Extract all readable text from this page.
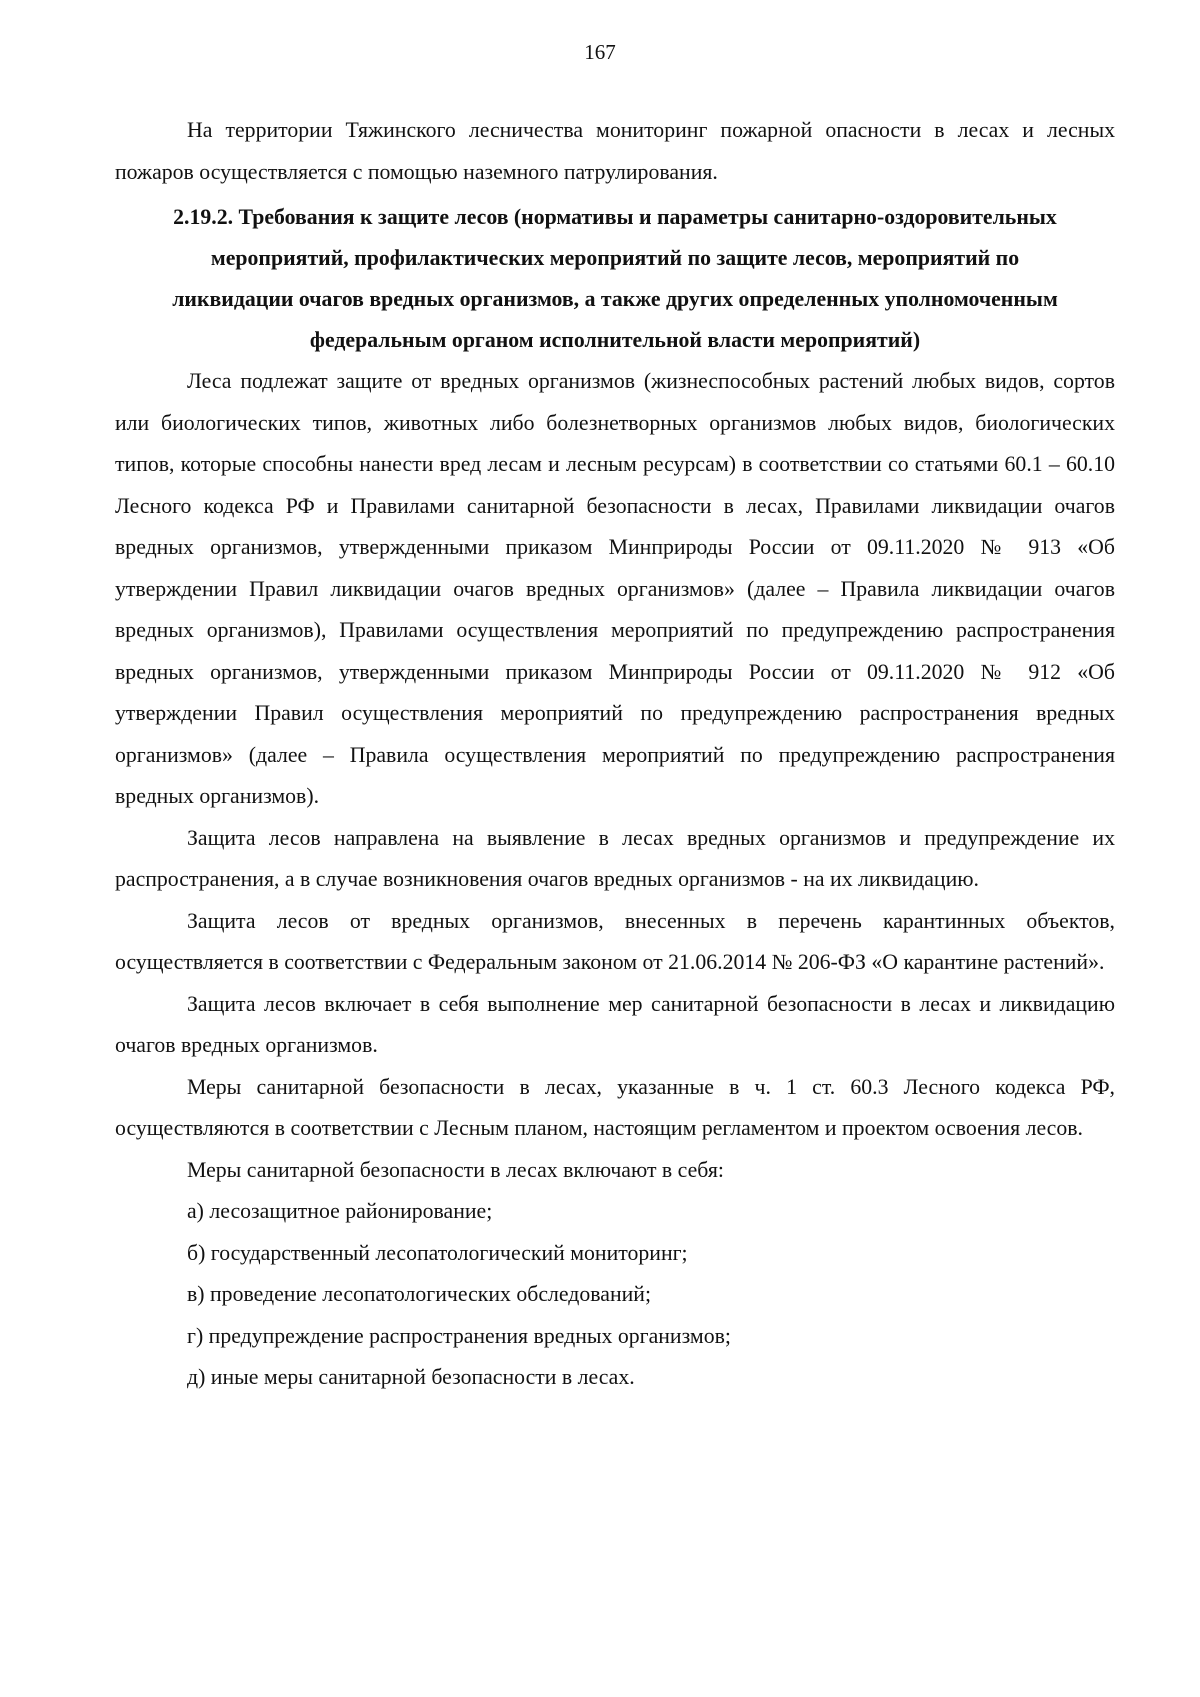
167

На территории Тяжинского лесничества мониторинг пожарной опасности в лесах и лесных пожаров осуществляется с помощью наземного патрулирования.

2.19.2. Требования к защите лесов (нормативы и параметры санитарно-оздоровительных
мероприятий, профилактических мероприятий по защите лесов, мероприятий по
ликвидации очагов вредных организмов, а также других определенных уполномоченным
федеральным органом исполнительной власти мероприятий)

Леса подлежат защите от вредных организмов (жизнеспособных растений любых видов, сортов или биологических типов, животных либо болезнетворных организмов любых видов, биологических типов, которые способны нанести вред лесам и лесным ресурсам) в соответствии со статьями 60.1 – 60.10 Лесного кодекса РФ и Правилами санитарной безопасности в лесах, Правилами ликвидации очагов вредных организмов, утвержденными приказом Минприроды России от 09.11.2020 № 913 «Об утверждении Правил ликвидации очагов вредных организмов» (далее – Правила ликвидации очагов вредных организмов), Правилами осуществления мероприятий по предупреждению распространения вредных организмов, утвержденными приказом Минприроды России от 09.11.2020 № 912 «Об утверждении Правил осуществления мероприятий по предупреждению распространения вредных организмов» (далее – Правила осуществления мероприятий по предупреждению распространения вредных организмов).

Защита лесов направлена на выявление в лесах вредных организмов и предупреждение их распространения, а в случае возникновения очагов вредных организмов - на их ликвидацию.

Защита лесов от вредных организмов, внесенных в перечень карантинных объектов, осуществляется в соответствии с Федеральным законом от 21.06.2014 № 206-ФЗ «О карантине растений».

Защита лесов включает в себя выполнение мер санитарной безопасности в лесах и ликвидацию очагов вредных организмов.

Меры санитарной безопасности в лесах, указанные в ч. 1 ст. 60.3 Лесного кодекса РФ, осуществляются в соответствии с Лесным планом, настоящим регламентом и проектом освоения лесов.

Меры санитарной безопасности в лесах включают в себя:

а) лесозащитное районирование;

б) государственный лесопатологический мониторинг;

в) проведение лесопатологических обследований;

г) предупреждение распространения вредных организмов;

д) иные меры санитарной безопасности в лесах.
